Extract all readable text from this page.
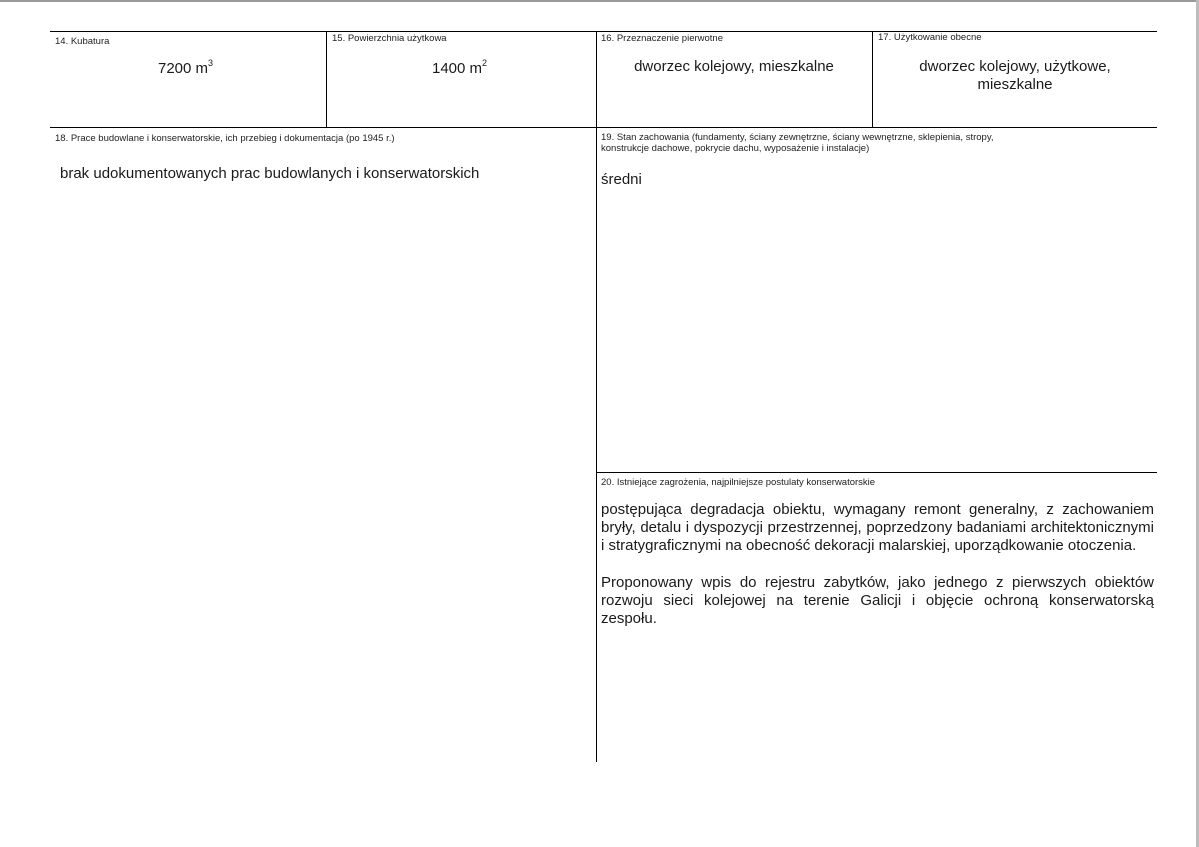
14. Kubatura
7200 $m^3$
15. Powierzchnia użytkowa
1400 $m^2$
16. Przeznaczenie pierwotne
dworzec kolejowy, mieszkalne
17. Użytkowanie obecne
dworzec kolejowy, użytkowe,
mieszkalne
18. Prace budowlane i konserwatorskie, ich przebieg i dokumentacja (po 1945 r.)
brak udokumentowanych prac budowlanych i konserwatorskich
19. Stan zachowania (fundamenty, ściany zewnętrzne, ściany wewnętrzne, sklepienia, stropy,
konstrukcje dachowe, pokrycie dachu, wyposażenie i instalacje)
średni
20. Istniejące zagrożenia, najpilniejsze postulaty konserwatorskie
postępująca degradacja obiektu, wymagany remont generalny, z zachowaniem bryły, detalu i dyspozycji przestrzennej, poprzedzony badaniami architektonicznymi i stratygraficznymi na obecność dekoracji malarskiej, uporządkowanie otoczenia.
Proponowany wpis do rejestru zabytków, jako jednego z pierwszych obiektów rozwoju sieci kolejowej na terenie Galicji i objęcie ochroną konserwatorską zespołu.
